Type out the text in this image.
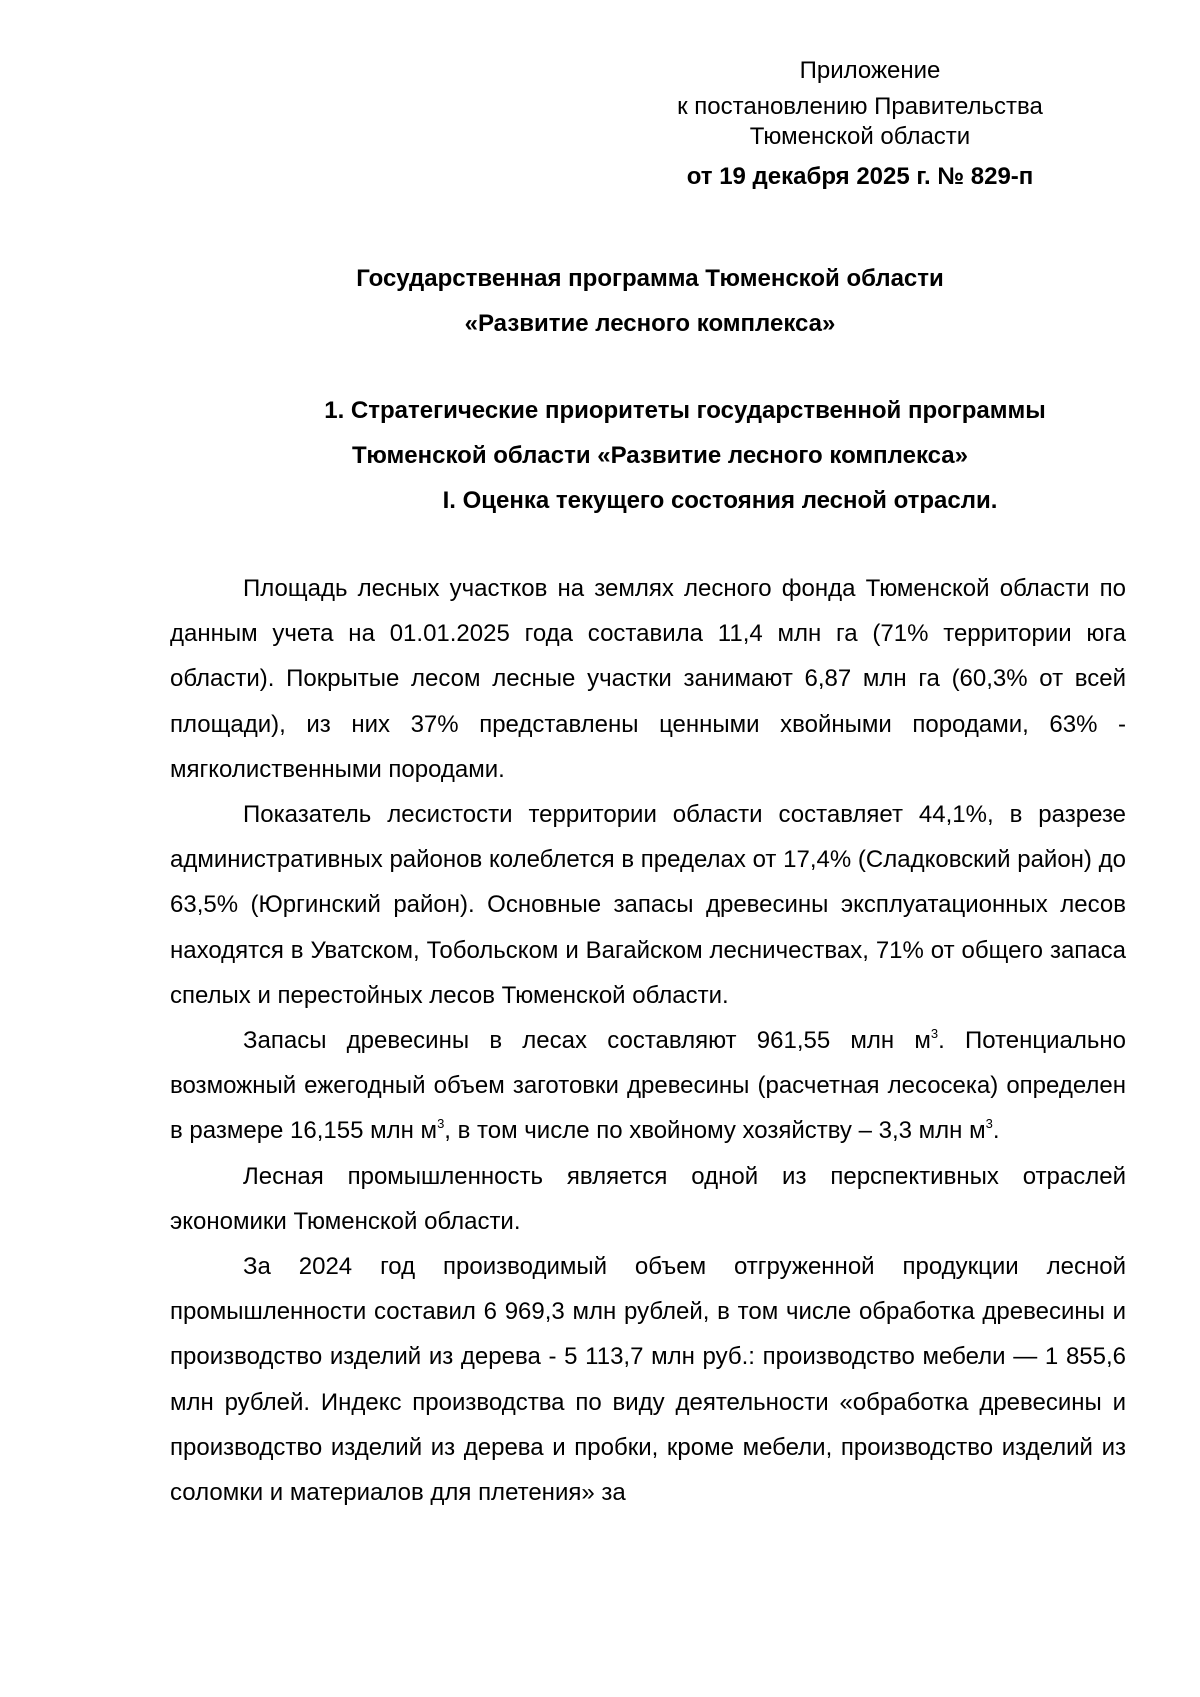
Приложение
к постановлению Правительства
Тюменской области
от 19 декабря 2025 г. № 829-п
Государственная программа Тюменской области
«Развитие лесного комплекса»
1. Стратегические приоритеты государственной программы
Тюменской области «Развитие лесного комплекса»
I. Оценка текущего состояния лесной отрасли.

Площадь лесных участков на землях лесного фонда Тюменской области по данным учета на 01.01.2025 года составила 11,4 млн га (71% территории юга области). Покрытые лесом лесные участки занимают 6,87 млн га (60,3% от всей площади), из них 37% представлены ценными хвойными породами, 63% - мягколиственными породами.

Показатель лесистости территории области составляет 44,1%, в разрезе административных районов колеблется в пределах от 17,4% (Сладковский район) до 63,5% (Юргинский район). Основные запасы древесины эксплуатационных лесов находятся в Уватском, Тобольском и Вагайском лесничествах, 71% от общего запаса спелых и перестойных лесов Тюменской области.

Запасы древесины в лесах составляют 961,55 млн $м^3$. Потенциально возможный ежегодный объем заготовки древесины (расчетная лесосека) определен в размере 16,155 млн $м^3$, в том числе по хвойному хозяйству – 3,3 млн $м^3$.

Лесная промышленность является одной из перспективных отраслей экономики Тюменской области.

За 2024 год производимый объем отгруженной продукции лесной промышленности составил 6 969,3 млн рублей, в том числе обработка древесины и производство изделий из дерева - 5 113,7 млн руб.: производство мебели — 1 855,6 млн рублей. Индекс производства по виду деятельности «обработка древесины и производство изделий из дерева и пробки, кроме мебели, производство изделий из соломки и материалов для плетения» за
